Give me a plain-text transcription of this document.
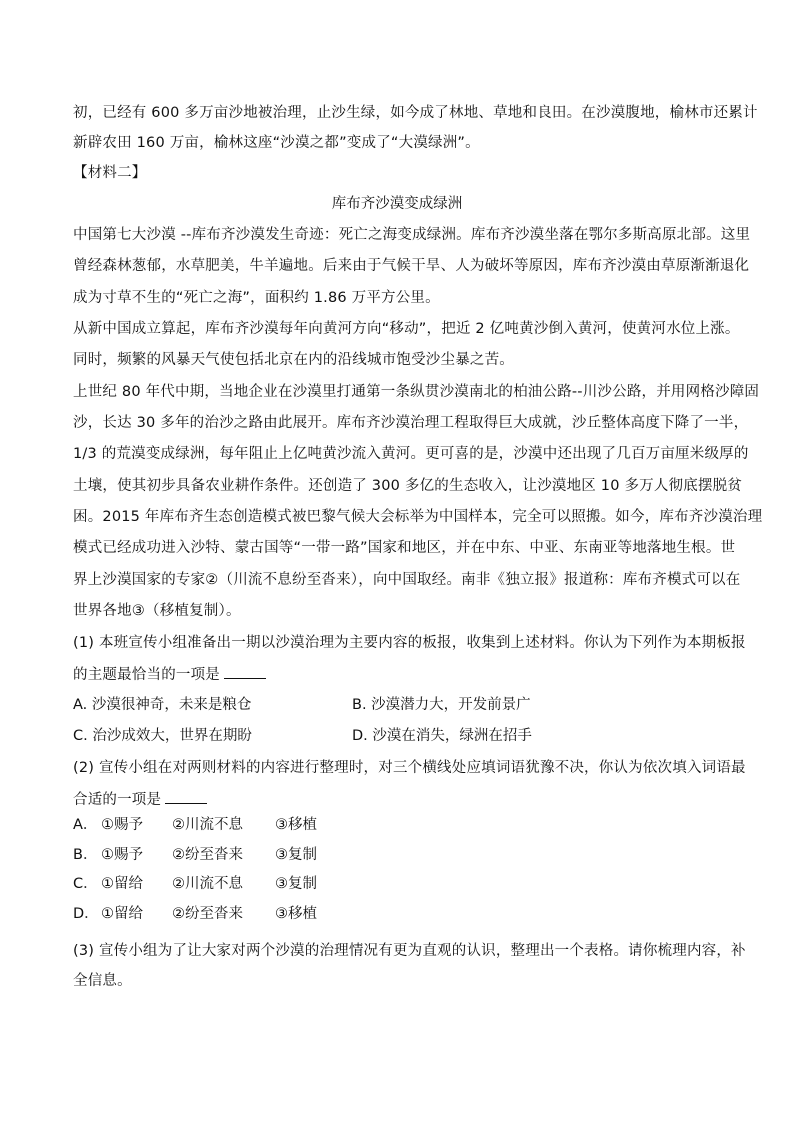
初，已经有 600 多万亩沙地被治理，止沙生绿，如今成了林地、草地和良田。在沙漠腹地，榆林市还累计
新辟农田 160 万亩，榆林这座“沙漠之都”变成了“大漠绿洲”。
【材料二】
库布齐沙漠变成绿洲
中国第七大沙漠 --库布齐沙漠发生奇迹：死亡之海变成绿洲。库布齐沙漠坐落在鄂尔多斯高原北部。这里
曾经森林葱郁，水草肥美，牛羊遍地。后来由于气候干旱、人为破坏等原因，库布齐沙漠由草原渐渐退化
成为寸草不生的“死亡之海”，面积约 1.86 万平方公里。
从新中国成立算起，库布齐沙漠每年向黄河方向“移动”，把近 2 亿吨黄沙倒入黄河，使黄河水位上涨。
同时，频繁的风暴天气使包括北京在内的沿线城市饱受沙尘暴之苦。
上世纪 80 年代中期，当地企业在沙漠里打通第一条纵贯沙漠南北的柏油公路--川沙公路，并用网格沙障固
沙，长达 30 多年的治沙之路由此展开。库布齐沙漠治理工程取得巨大成就，沙丘整体高度下降了一半，
1/3 的荒漠变成绿洲，每年阻止上亿吨黄沙流入黄河。更可喜的是，沙漠中还出现了几百万亩厘米级厚的
土壤，使其初步具备农业耕作条件。还创造了 300 多亿的生态收入，让沙漠地区 10 多万人彻底摆脱贫
困。2015 年库布齐生态创造模式被巴黎气候大会标举为中国样本，完全可以照搬。如今，库布齐沙漠治理
模式已经成功进入沙特、蒙古国等“一带一路”国家和地区，并在中东、中亚、东南亚等地落地生根。世
界上沙漠国家的专家②（川流不息纷至沓来），向中国取经。南非《独立报》报道称：库布齐模式可以在
世界各地③（移植复制）。
(1) 本班宣传小组准备出一期以沙漠治理为主要内容的板报，收集到上述材料。你认为下列作为本期板报
的主题最恰当的一项是
A. 沙漠很神奇，未来是粮仓	B. 沙漠潜力大，开发前景广
C. 治沙成效大，世界在期盼	D. 沙漠在消失，绿洲在招手
(2) 宣传小组在对两则材料的内容进行整理时，对三个横线处应填词语犹豫不决，你认为依次填入词语最
合适的一项是
A． ①赐予 ②川流不息 ③移植
B． ①赐予 ②纷至沓来 ③复制
C． ①留给 ②川流不息 ③复制
D． ①留给 ②纷至沓来 ③移植
(3) 宣传小组为了让大家对两个沙漠的治理情况有更为直观的认识，整理出一个表格。请你梳理内容，补
全信息。
